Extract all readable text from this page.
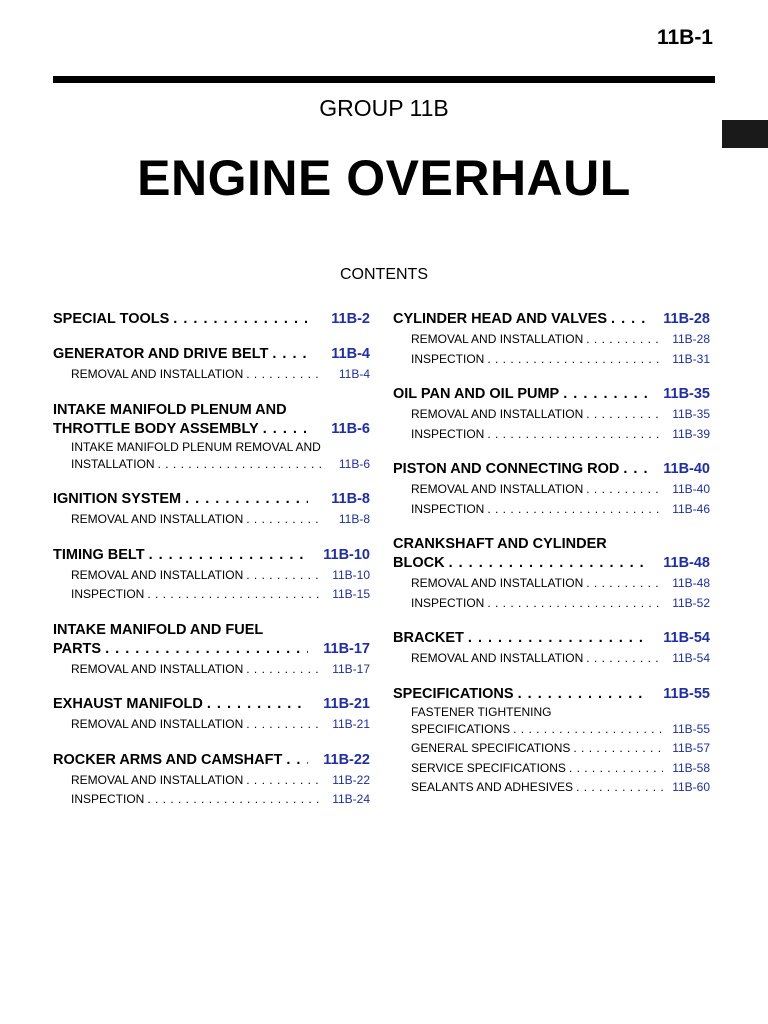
11B-1
GROUP 11B
ENGINE OVERHAUL
CONTENTS
SPECIAL TOOLS . . .	11B-2
GENERATOR AND DRIVE BELT . . .	11B-4
REMOVAL AND INSTALLATION . . .	11B-4
INTAKE MANIFOLD PLENUM AND
THROTTLE BODY ASSEMBLY . . .	11B-6
INTAKE MANIFOLD PLENUM REMOVAL AND
INSTALLATION . . .	11B-6
IGNITION SYSTEM . . .	11B-8
REMOVAL AND INSTALLATION . . .	11B-8
TIMING BELT . . .	11B-10
REMOVAL AND INSTALLATION . . .	11B-10
INSPECTION . . .	11B-15
INTAKE MANIFOLD AND FUEL
PARTS . . .	11B-17
REMOVAL AND INSTALLATION . . .	11B-17
EXHAUST MANIFOLD . . .	11B-21
REMOVAL AND INSTALLATION . . .	11B-21
ROCKER ARMS AND CAMSHAFT . . .	11B-22
REMOVAL AND INSTALLATION . . .	11B-22
INSPECTION . . .	11B-24
CYLINDER HEAD AND VALVES . . .	11B-28
REMOVAL AND INSTALLATION . . .	11B-28
INSPECTION . . .	11B-31
OIL PAN AND OIL PUMP . . .	11B-35
REMOVAL AND INSTALLATION . . .	11B-35
INSPECTION . . .	11B-39
PISTON AND CONNECTING ROD . . .	11B-40
REMOVAL AND INSTALLATION . . .	11B-40
INSPECTION . . .	11B-46
CRANKSHAFT AND CYLINDER
BLOCK . . .	11B-48
REMOVAL AND INSTALLATION . . .	11B-48
INSPECTION . . .	11B-52
BRACKET . . .	11B-54
REMOVAL AND INSTALLATION . . .	11B-54
SPECIFICATIONS . . .	11B-55
FASTENER TIGHTENING
SPECIFICATIONS . . .	11B-55
GENERAL SPECIFICATIONS . . .	11B-57
SERVICE SPECIFICATIONS . . .	11B-58
SEALANTS AND ADHESIVES . . .	11B-60
